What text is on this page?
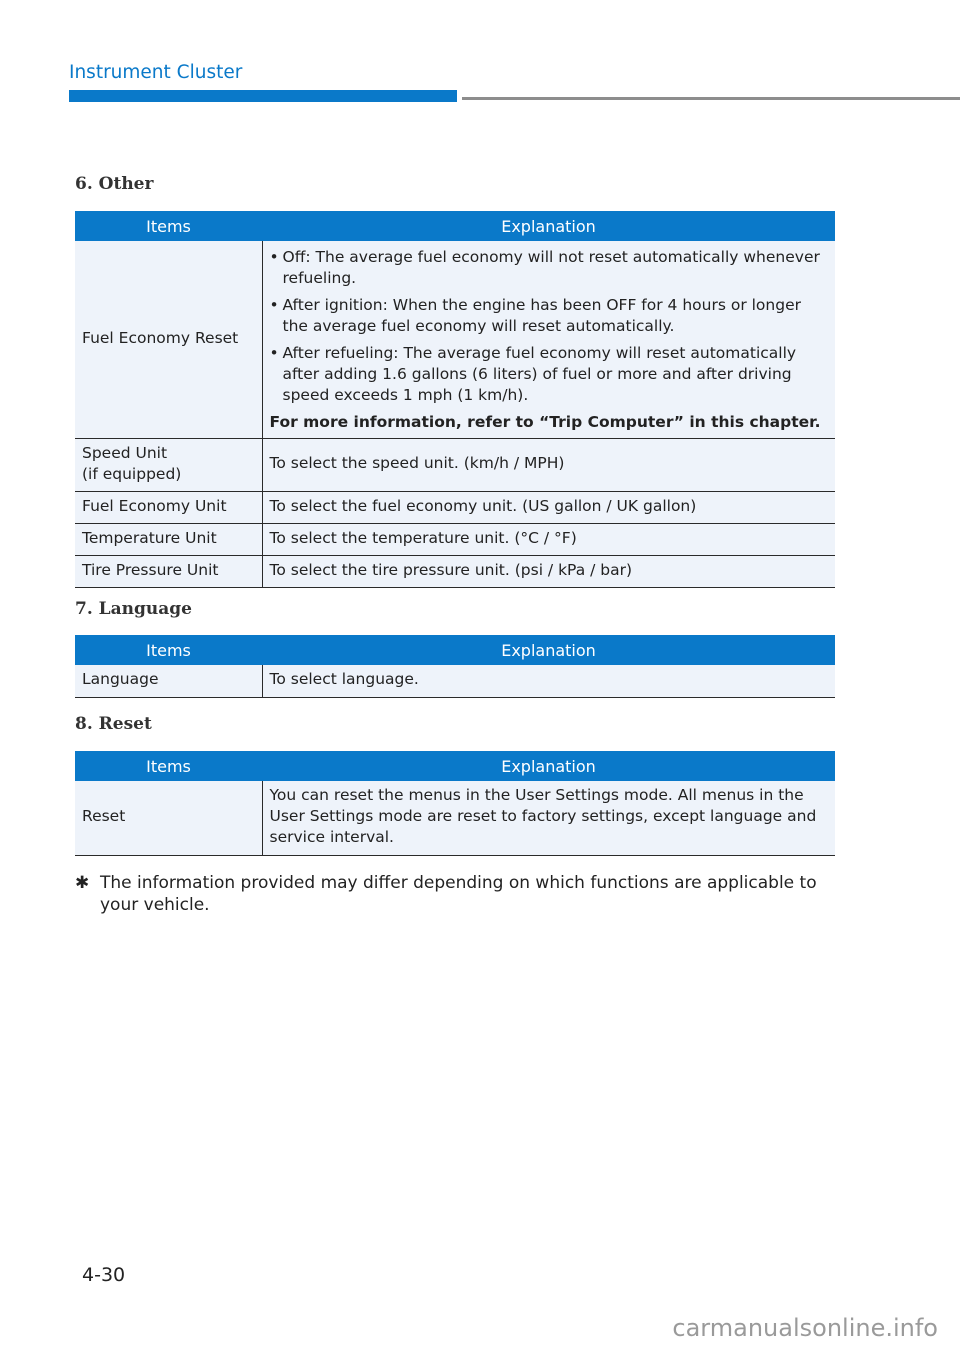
Instrument Cluster
6. Other
Items	Explanation
Fuel Economy Reset	• Off: The average fuel economy will not reset automatically whenever refueling.
• After ignition: When the engine has been OFF for 4 hours or longer the average fuel economy will reset automatically.
• After refueling: The average fuel economy will reset automatically after adding 1.6 gallons (6 liters) of fuel or more and after driving speed exceeds 1 mph (1 km/h).
For more information, refer to “Trip Computer” in this chapter.

Speed Unit
(if equipped)	To select the speed unit. (km/h / MPH)
Fuel Economy Unit	To select the fuel economy unit. (US gallon / UK gallon)
Temperature Unit	To select the temperature unit. (°C / °F)
Tire Pressure Unit	To select the tire pressure unit. (psi / kPa / bar)
7. Language
Items	Explanation
Language	To select language.
8. Reset
Items	Explanation
Reset	You can reset the menus in the User Settings mode. All menus in the User Settings mode are reset to factory settings, except language and service interval.
✱ The information provided may differ depending on which functions are applicable to your vehicle.
4-30
carmanualsonline.info
